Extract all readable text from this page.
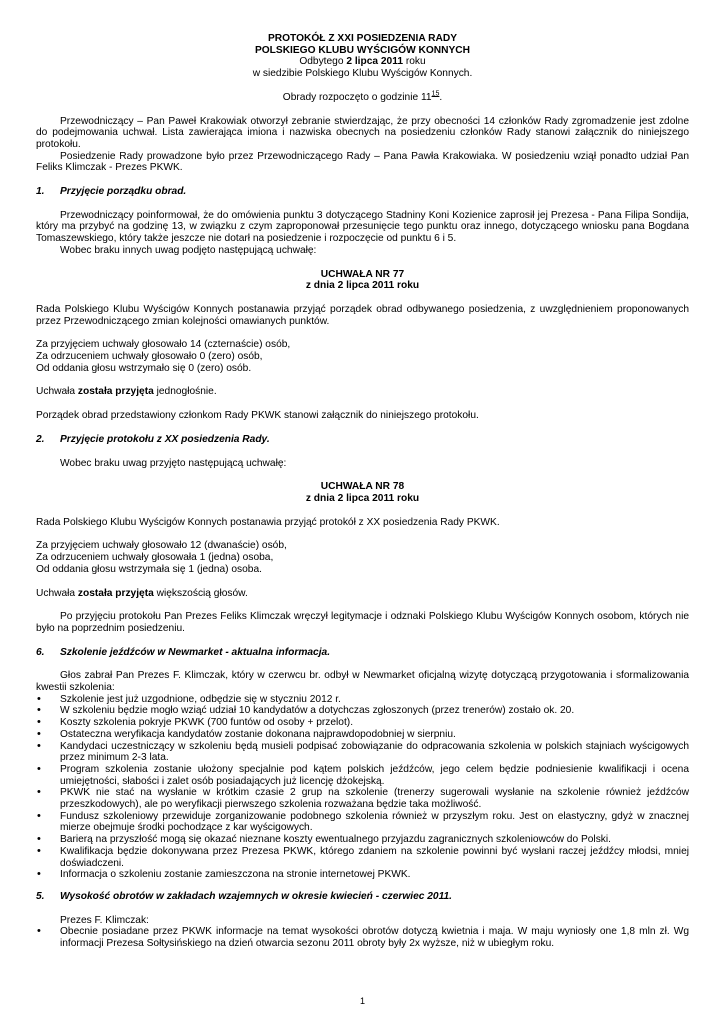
PROTOKÓŁ Z XXI POSIEDZENIA RADY

POLSKIEGO KLUBU WYŚCIGÓW KONNYCH

Odbytego 2 lipca 2011 roku

w siedzibie Polskiego Klubu Wyścigów Konnych.

Obrady rozpoczęto o godzinie $11^{15}$.

Przewodniczący – Pan Paweł Krakowiak otworzył zebranie stwierdzając, że przy obecności 14 członków Rady zgromadzenie jest zdolne do podejmowania uchwał. Lista zawierająca imiona i nazwiska obecnych na posiedzeniu członków Rady stanowi załącznik do niniejszego protokołu.

Posiedzenie Rady prowadzone było przez Przewodniczącego Rady – Pana Pawła Krakowiaka. W posiedzeniu wziął ponadto udział Pan Feliks Klimczak - Prezes PKWK.

1.	Przyjęcie porządku obrad.

Przewodniczący poinformował, że do omówienia punktu 3 dotyczącego Stadniny Koni Kozienice zaprosił jej Prezesa - Pana Filipa Sondija, który ma przybyć na godzinę 13, w związku z czym zaproponował przesunięcie tego punktu oraz innego, dotyczącego wniosku pana Bogdana Tomaszewskiego, który także jeszcze nie dotarł na posiedzenie i rozpoczęcie od punktu 6 i 5.

Wobec braku innych uwag podjęto następującą uchwałę:

UCHWAŁA NR 77

z dnia 2 lipca 2011 roku

Rada Polskiego Klubu Wyścigów Konnych postanawia przyjąć porządek obrad odbywanego posiedzenia, z uwzględnieniem proponowanych przez Przewodniczącego zmian kolejności omawianych punktów.

Za przyjęciem uchwały głosowało 14 (czternaście) osób,

Za odrzuceniem uchwały głosowało 0 (zero) osób,

Od oddania głosu wstrzymało się 0 (zero) osób.

Uchwała została przyjęta jednogłośnie.

Porządek obrad przedstawiony członkom Rady PKWK stanowi załącznik do niniejszego protokołu.

2.	Przyjęcie protokołu z XX posiedzenia Rady.

Wobec braku uwag przyjęto następującą uchwałę:

UCHWAŁA NR 78

z dnia 2 lipca 2011 roku

Rada Polskiego Klubu Wyścigów Konnych postanawia przyjąć protokół z XX posiedzenia Rady PKWK.

Za przyjęciem uchwały głosowało 12 (dwanaście) osób,

Za odrzuceniem uchwały głosowała 1 (jedna) osoba,

Od oddania głosu wstrzymała się 1 (jedna) osoba.

Uchwała została przyjęta większością głosów.

Po przyjęciu protokołu Pan Prezes Feliks Klimczak wręczył legitymacje i odznaki Polskiego Klubu Wyścigów Konnych osobom, których nie było na poprzednim posiedzeniu.

6.	Szkolenie jeźdźców w Newmarket - aktualna informacja.

Głos zabrał Pan Prezes F. Klimczak, który w czerwcu br. odbył w Newmarket oficjalną wizytę dotyczącą przygotowania i sformalizowania kwestii szkolenia:

• Szkolenie jest już uzgodnione, odbędzie się w styczniu 2012 r.
• W szkoleniu będzie mogło wziąć udział 10 kandydatów a dotychczas zgłoszonych (przez trenerów) zostało ok. 20.
• Koszty szkolenia pokryje PKWK (700 funtów od osoby + przelot).
• Ostateczna weryfikacja kandydatów zostanie dokonana najprawdopodobniej w sierpniu.
• Kandydaci uczestniczący w szkoleniu będą musieli podpisać zobowiązanie do odpracowania szkolenia w polskich stajniach wyścigowych przez minimum 2-3 lata.
• Program szkolenia zostanie ułożony specjalnie pod kątem polskich jeźdźców, jego celem będzie podniesienie kwalifikacji i ocena umiejętności, słabości i zalet osób posiadających już licencję dżokejską.
• PKWK nie stać na wysłanie w krótkim czasie 2 grup na szkolenie (trenerzy sugerowali wysłanie na szkolenie również jeźdźców przeszkodowych), ale po weryfikacji pierwszego szkolenia rozważana będzie taka możliwość.
• Fundusz szkoleniowy przewiduje zorganizowanie podobnego szkolenia również w przyszłym roku. Jest on elastyczny, gdyż w znacznej mierze obejmuje środki pochodzące z kar wyścigowych.
• Barierą na przyszłość mogą się okazać nieznane koszty ewentualnego przyjazdu zagranicznych szkoleniowców do Polski.
• Kwalifikacja będzie dokonywana przez Prezesa PKWK, którego zdaniem na szkolenie powinni być wysłani raczej jeźdźcy młodsi, mniej doświadczeni.
• Informacja o szkoleniu zostanie zamieszczona na stronie internetowej PKWK.
5.	Wysokość obrotów w zakładach wzajemnych w okresie kwiecień - czerwiec 2011.

Prezes F. Klimczak:

• Obecnie posiadane przez PKWK informacje na temat wysokości obrotów dotyczą kwietnia i maja. W maju wyniosły one 1,8 mln zł. Wg informacji Prezesa Sołtysińskiego na dzień otwarcia sezonu 2011 obroty były 2x wyższe, niż w ubiegłym roku.
1
